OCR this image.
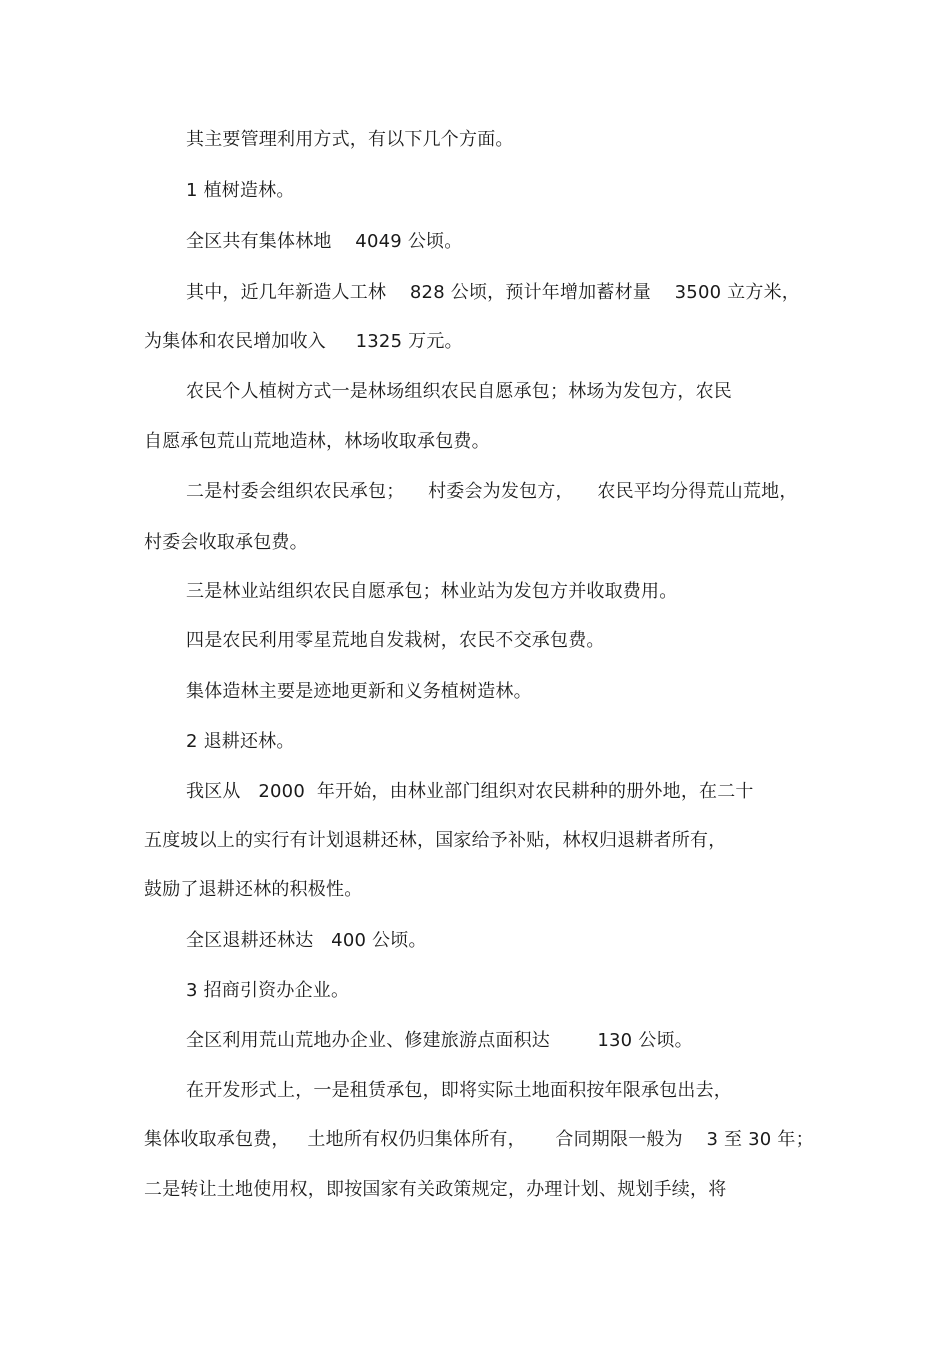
其主要管理利用方式，有以下几个方面。
1 植树造林。
全区共有集体林地    4049 公顷。
其中，近几年新造人工林    828 公顷，预计年增加蓄材量    3500 立方米，
为集体和农民增加收入     1325 万元。
农民个人植树方式一是林场组织农民自愿承包；林场为发包方，农民
自愿承包荒山荒地造林，林场收取承包费。
二是村委会组织农民承包；    村委会为发包方，    农民平均分得荒山荒地，
村委会收取承包费。
三是林业站组织农民自愿承包；林业站为发包方并收取费用。
四是农民利用零星荒地自发栽树，农民不交承包费。
集体造林主要是迹地更新和义务植树造林。
2 退耕还林。
我区从   2000  年开始，由林业部门组织对农民耕种的册外地，在二十
五度坡以上的实行有计划退耕还林，国家给予补贴，林权归退耕者所有，
鼓励了退耕还林的积极性。
全区退耕还林达   400 公顷。
3 招商引资办企业。
全区利用荒山荒地办企业、修建旅游点面积达        130 公顷。
在开发形式上，一是租赁承包，即将实际土地面积按年限承包出去，
集体收取承包费，   土地所有权仍归集体所有，     合同期限一般为    3 至 30 年；
二是转让土地使用权，即按国家有关政策规定，办理计划、规划手续，将
